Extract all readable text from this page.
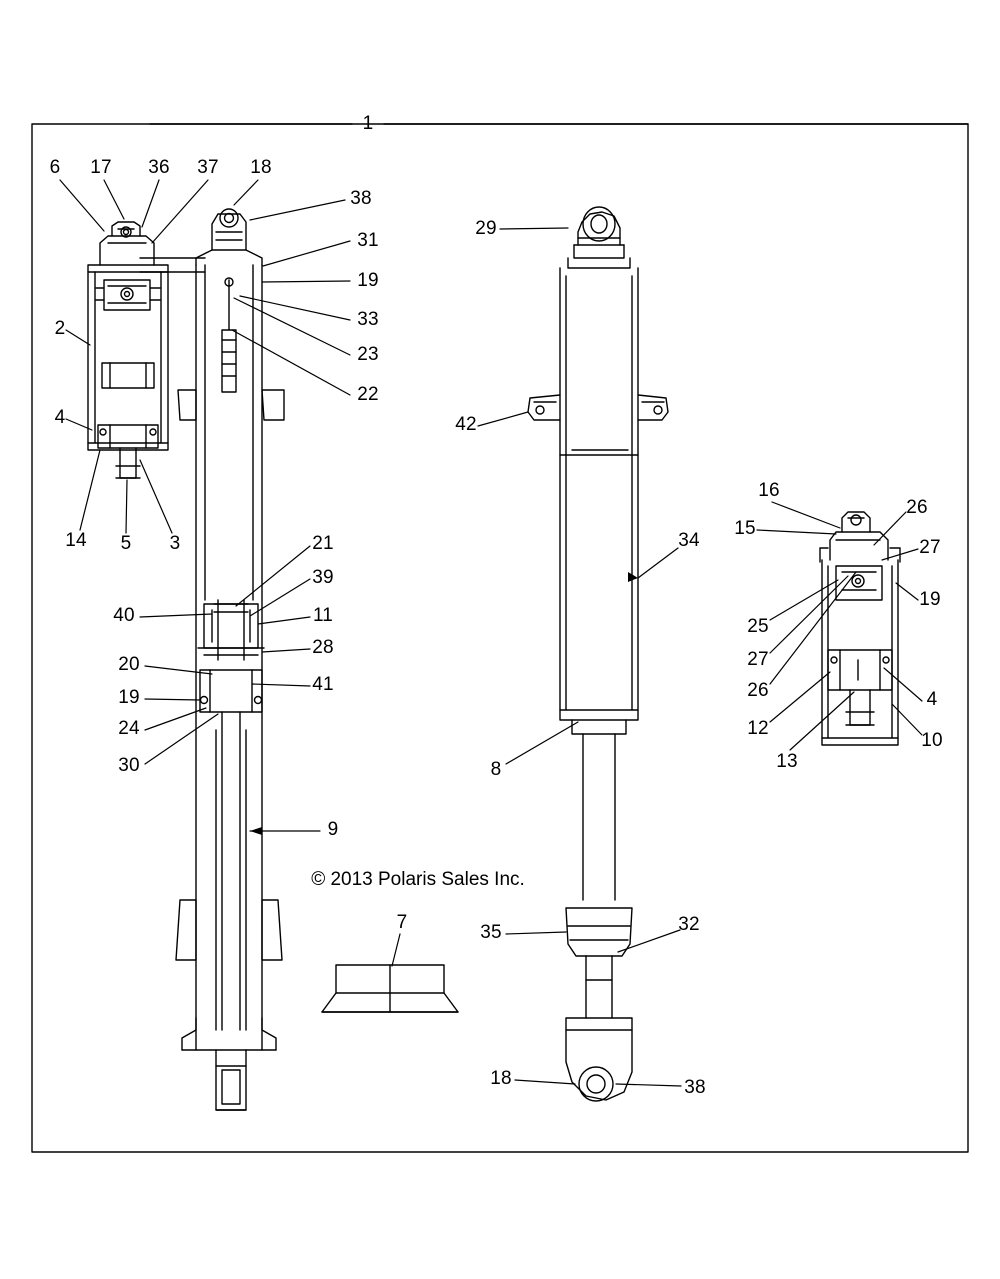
1
6 17 36 37 18
38
31
19
33
23
22
2
4
14 5 3	21
39
40	11
28
20
41
19
24
30
9
7
29
42
34
8
35	32
18	38
16
15
26
27
19
25
27
26
12
13
4
10
© 2013 Polaris Sales Inc.
